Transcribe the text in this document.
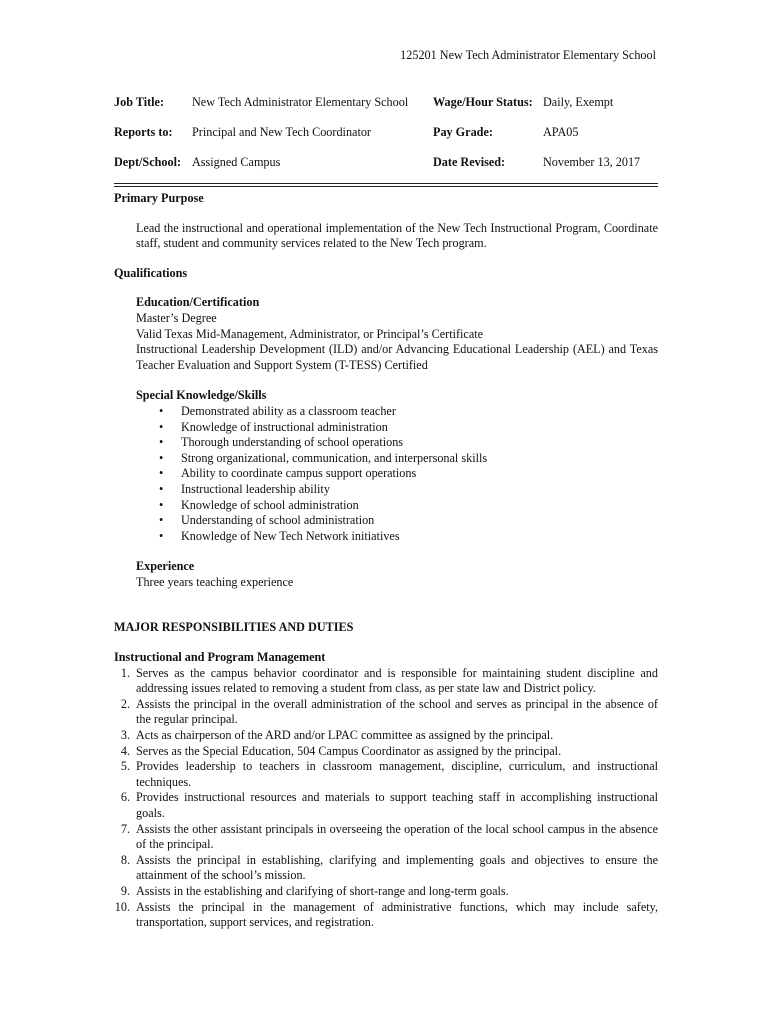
125201 New Tech Administrator Elementary School
Job Title: New Tech Administrator Elementary School Wage/Hour Status: Daily, Exempt
Reports to: Principal and New Tech Coordinator	Pay Grade:	APA05
Dept/School: Assigned Campus	Date Revised:	November 13, 2017
Primary Purpose
Lead the instructional and operational implementation of the New Tech Instructional Program, Coordinate staff, student and community services related to the New Tech program.
Qualifications
Education/Certification
Master’s Degree
Valid Texas Mid-Management, Administrator, or Principal’s Certificate
Instructional Leadership Development (ILD) and/or Advancing Educational Leadership (AEL) and Texas Teacher Evaluation and Support System (T-TESS) Certified
Special Knowledge/Skills
• Demonstrated ability as a classroom teacher
• Knowledge of instructional administration
• Thorough understanding of school operations
• Strong organizational, communication, and interpersonal skills
• Ability to coordinate campus support operations
• Instructional leadership ability
• Knowledge of school administration
• Understanding of school administration
• Knowledge of New Tech Network initiatives
Experience
Three years teaching experience
MAJOR RESPONSIBILITIES AND DUTIES
Instructional and Program Management
1. Serves as the campus behavior coordinator and is responsible for maintaining student discipline and addressing issues related to removing a student from class, as per state law and District policy.
2. Assists the principal in the overall administration of the school and serves as principal in the absence of the regular principal.
3. Acts as chairperson of the ARD and/or LPAC committee as assigned by the principal.
4. Serves as the Special Education, 504 Campus Coordinator as assigned by the principal.
5. Provides leadership to teachers in classroom management, discipline, curriculum, and instructional techniques.
6. Provides instructional resources and materials to support teaching staff in accomplishing instructional goals.
7. Assists the other assistant principals in overseeing the operation of the local school campus in the absence of the principal.
8. Assists the principal in establishing, clarifying and implementing goals and objectives to ensure the attainment of the school’s mission.
9. Assists in the establishing and clarifying of short-range and long-term goals.
10. Assists the principal in the management of administrative functions, which may include safety, transportation, support services, and registration.
